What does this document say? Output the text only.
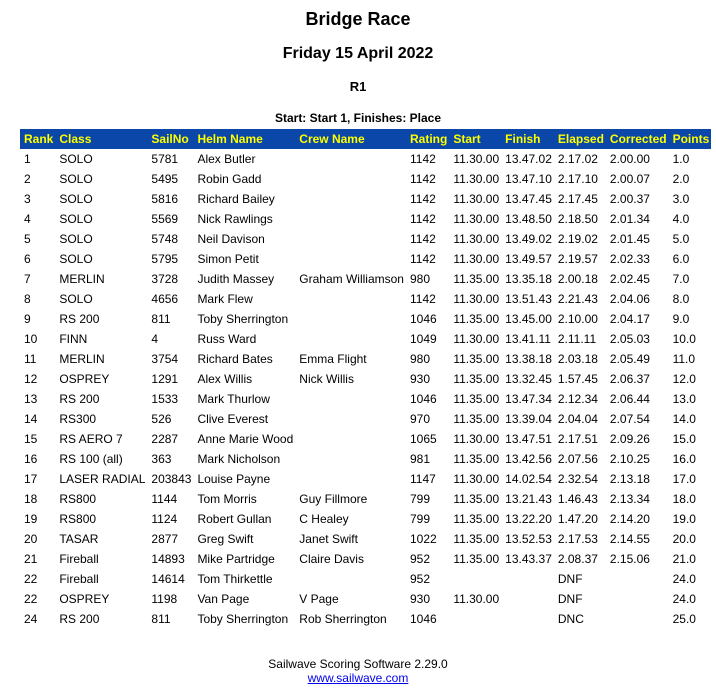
Bridge Race
Friday 15 April 2022
R1
Start: Start 1, Finishes: Place
Rank	Class	SailNo	Helm Name	Crew Name	Rating	Start	Finish	Elapsed	Corrected	Points
1	SOLO	5781	Alex Butler		1142	11.30.00	13.47.02	2.17.02	2.00.00	1.0
2	SOLO	5495	Robin Gadd		1142	11.30.00	13.47.10	2.17.10	2.00.07	2.0
3	SOLO	5816	Richard Bailey		1142	11.30.00	13.47.45	2.17.45	2.00.37	3.0
4	SOLO	5569	Nick Rawlings		1142	11.30.00	13.48.50	2.18.50	2.01.34	4.0
5	SOLO	5748	Neil Davison		1142	11.30.00	13.49.02	2.19.02	2.01.45	5.0
6	SOLO	5795	Simon Petit		1142	11.30.00	13.49.57	2.19.57	2.02.33	6.0
7	MERLIN	3728	Judith Massey	Graham Williamson	980	11.35.00	13.35.18	2.00.18	2.02.45	7.0
8	SOLO	4656	Mark Flew		1142	11.30.00	13.51.43	2.21.43	2.04.06	8.0
9	RS 200	811	Toby Sherrington		1046	11.35.00	13.45.00	2.10.00	2.04.17	9.0
10	FINN	4	Russ Ward		1049	11.30.00	13.41.11	2.11.11	2.05.03	10.0
11	MERLIN	3754	Richard Bates	Emma Flight	980	11.35.00	13.38.18	2.03.18	2.05.49	11.0
12	OSPREY	1291	Alex Willis	Nick Willis	930	11.35.00	13.32.45	1.57.45	2.06.37	12.0
13	RS 200	1533	Mark Thurlow		1046	11.35.00	13.47.34	2.12.34	2.06.44	13.0
14	RS300	526	Clive Everest		970	11.35.00	13.39.04	2.04.04	2.07.54	14.0
15	RS AERO 7	2287	Anne Marie Wood		1065	11.30.00	13.47.51	2.17.51	2.09.26	15.0
16	RS 100 (all)	363	Mark Nicholson		981	11.35.00	13.42.56	2.07.56	2.10.25	16.0
17	LASER RADIAL	203843	Louise Payne		1147	11.30.00	14.02.54	2.32.54	2.13.18	17.0
18	RS800	1144	Tom Morris	Guy Fillmore	799	11.35.00	13.21.43	1.46.43	2.13.34	18.0
19	RS800	1124	Robert Gullan	C Healey	799	11.35.00	13.22.20	1.47.20	2.14.20	19.0
20	TASAR	2877	Greg Swift	Janet Swift	1022	11.35.00	13.52.53	2.17.53	2.14.55	20.0
21	Fireball	14893	Mike Partridge	Claire Davis	952	11.35.00	13.43.37	2.08.37	2.15.06	21.0
22	Fireball	14614	Tom Thirkettle		952			DNF		24.0
22	OSPREY	1198	Van Page	V Page	930	11.30.00		DNF		24.0
24	RS 200	811	Toby Sherrington	Rob Sherrington	1046			DNC		25.0
Sailwave Scoring Software 2.29.0
www.sailwave.com
